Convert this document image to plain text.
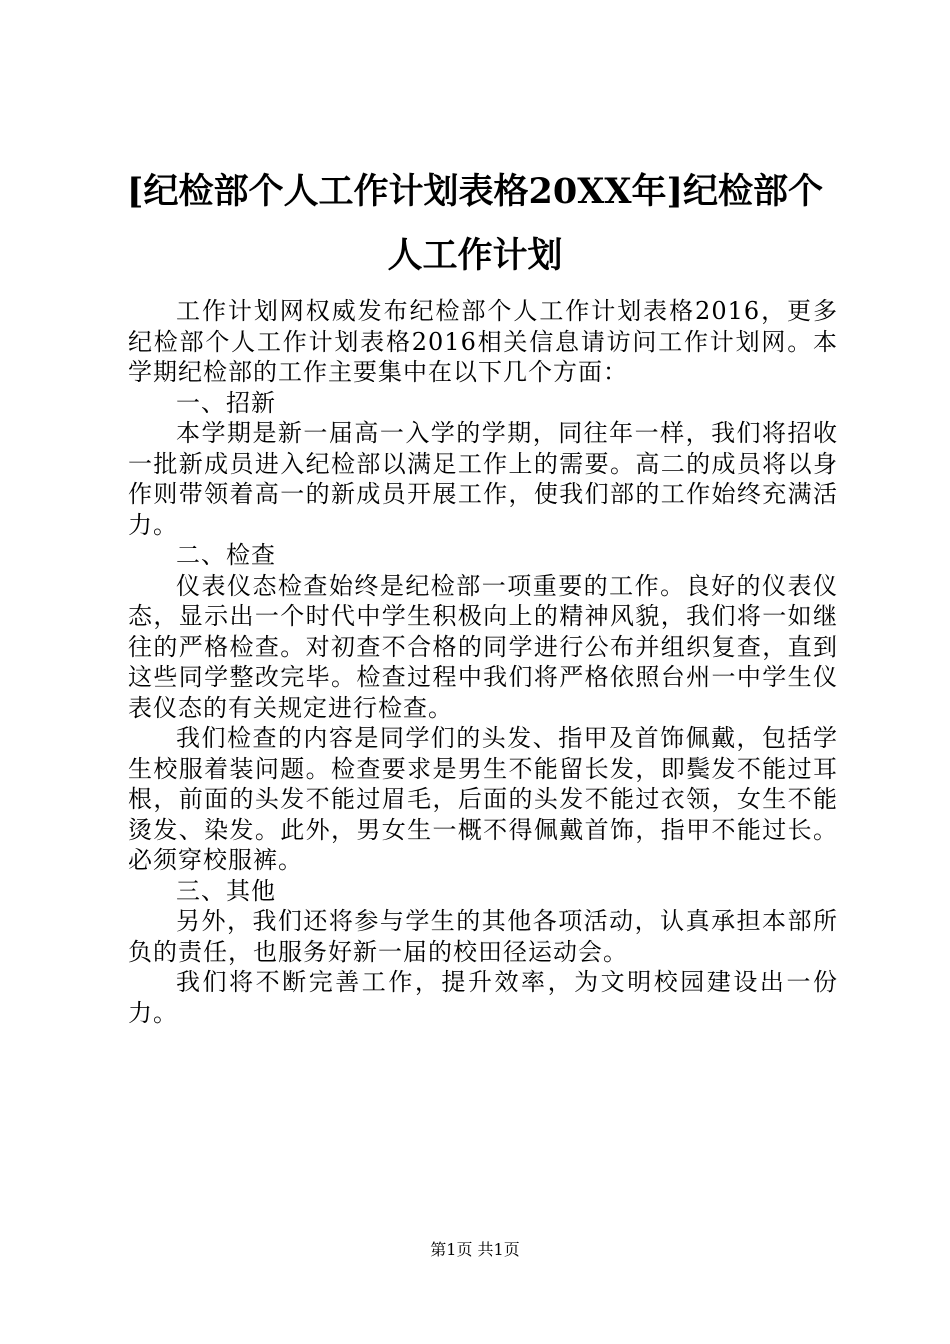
[纪检部个人工作计划表格20XX年]纪检部个人工作计划

工作计划网权威发布纪检部个人工作计划表格2016，更多纪检部个人工作计划表格2016相关信息请访问工作计划网。本学期纪检部的工作主要集中在以下几个方面：

一、招新

本学期是新一届高一入学的学期，同往年一样，我们将招收一批新成员进入纪检部以满足工作上的需要。高二的成员将以身作则带领着高一的新成员开展工作，使我们部的工作始终充满活力。

二、检查

仪表仪态检查始终是纪检部一项重要的工作。良好的仪表仪态，显示出一个时代中学生积极向上的精神风貌，我们将一如继往的严格检查。对初查不合格的同学进行公布并组织复查，直到这些同学整改完毕。检查过程中我们将严格依照台州一中学生仪表仪态的有关规定进行检查。

我们检查的内容是同学们的头发、指甲及首饰佩戴，包括学生校服着装问题。检查要求是男生不能留长发，即鬓发不能过耳根，前面的头发不能过眉毛，后面的头发不能过衣领，女生不能烫发、染发。此外，男女生一概不得佩戴首饰，指甲不能过长。必须穿校服裤。

三、其他

另外，我们还将参与学生的其他各项活动，认真承担本部所负的责任，也服务好新一届的校田径运动会。

我们将不断完善工作，提升效率，为文明校园建设出一份力。

第1页 共1页
